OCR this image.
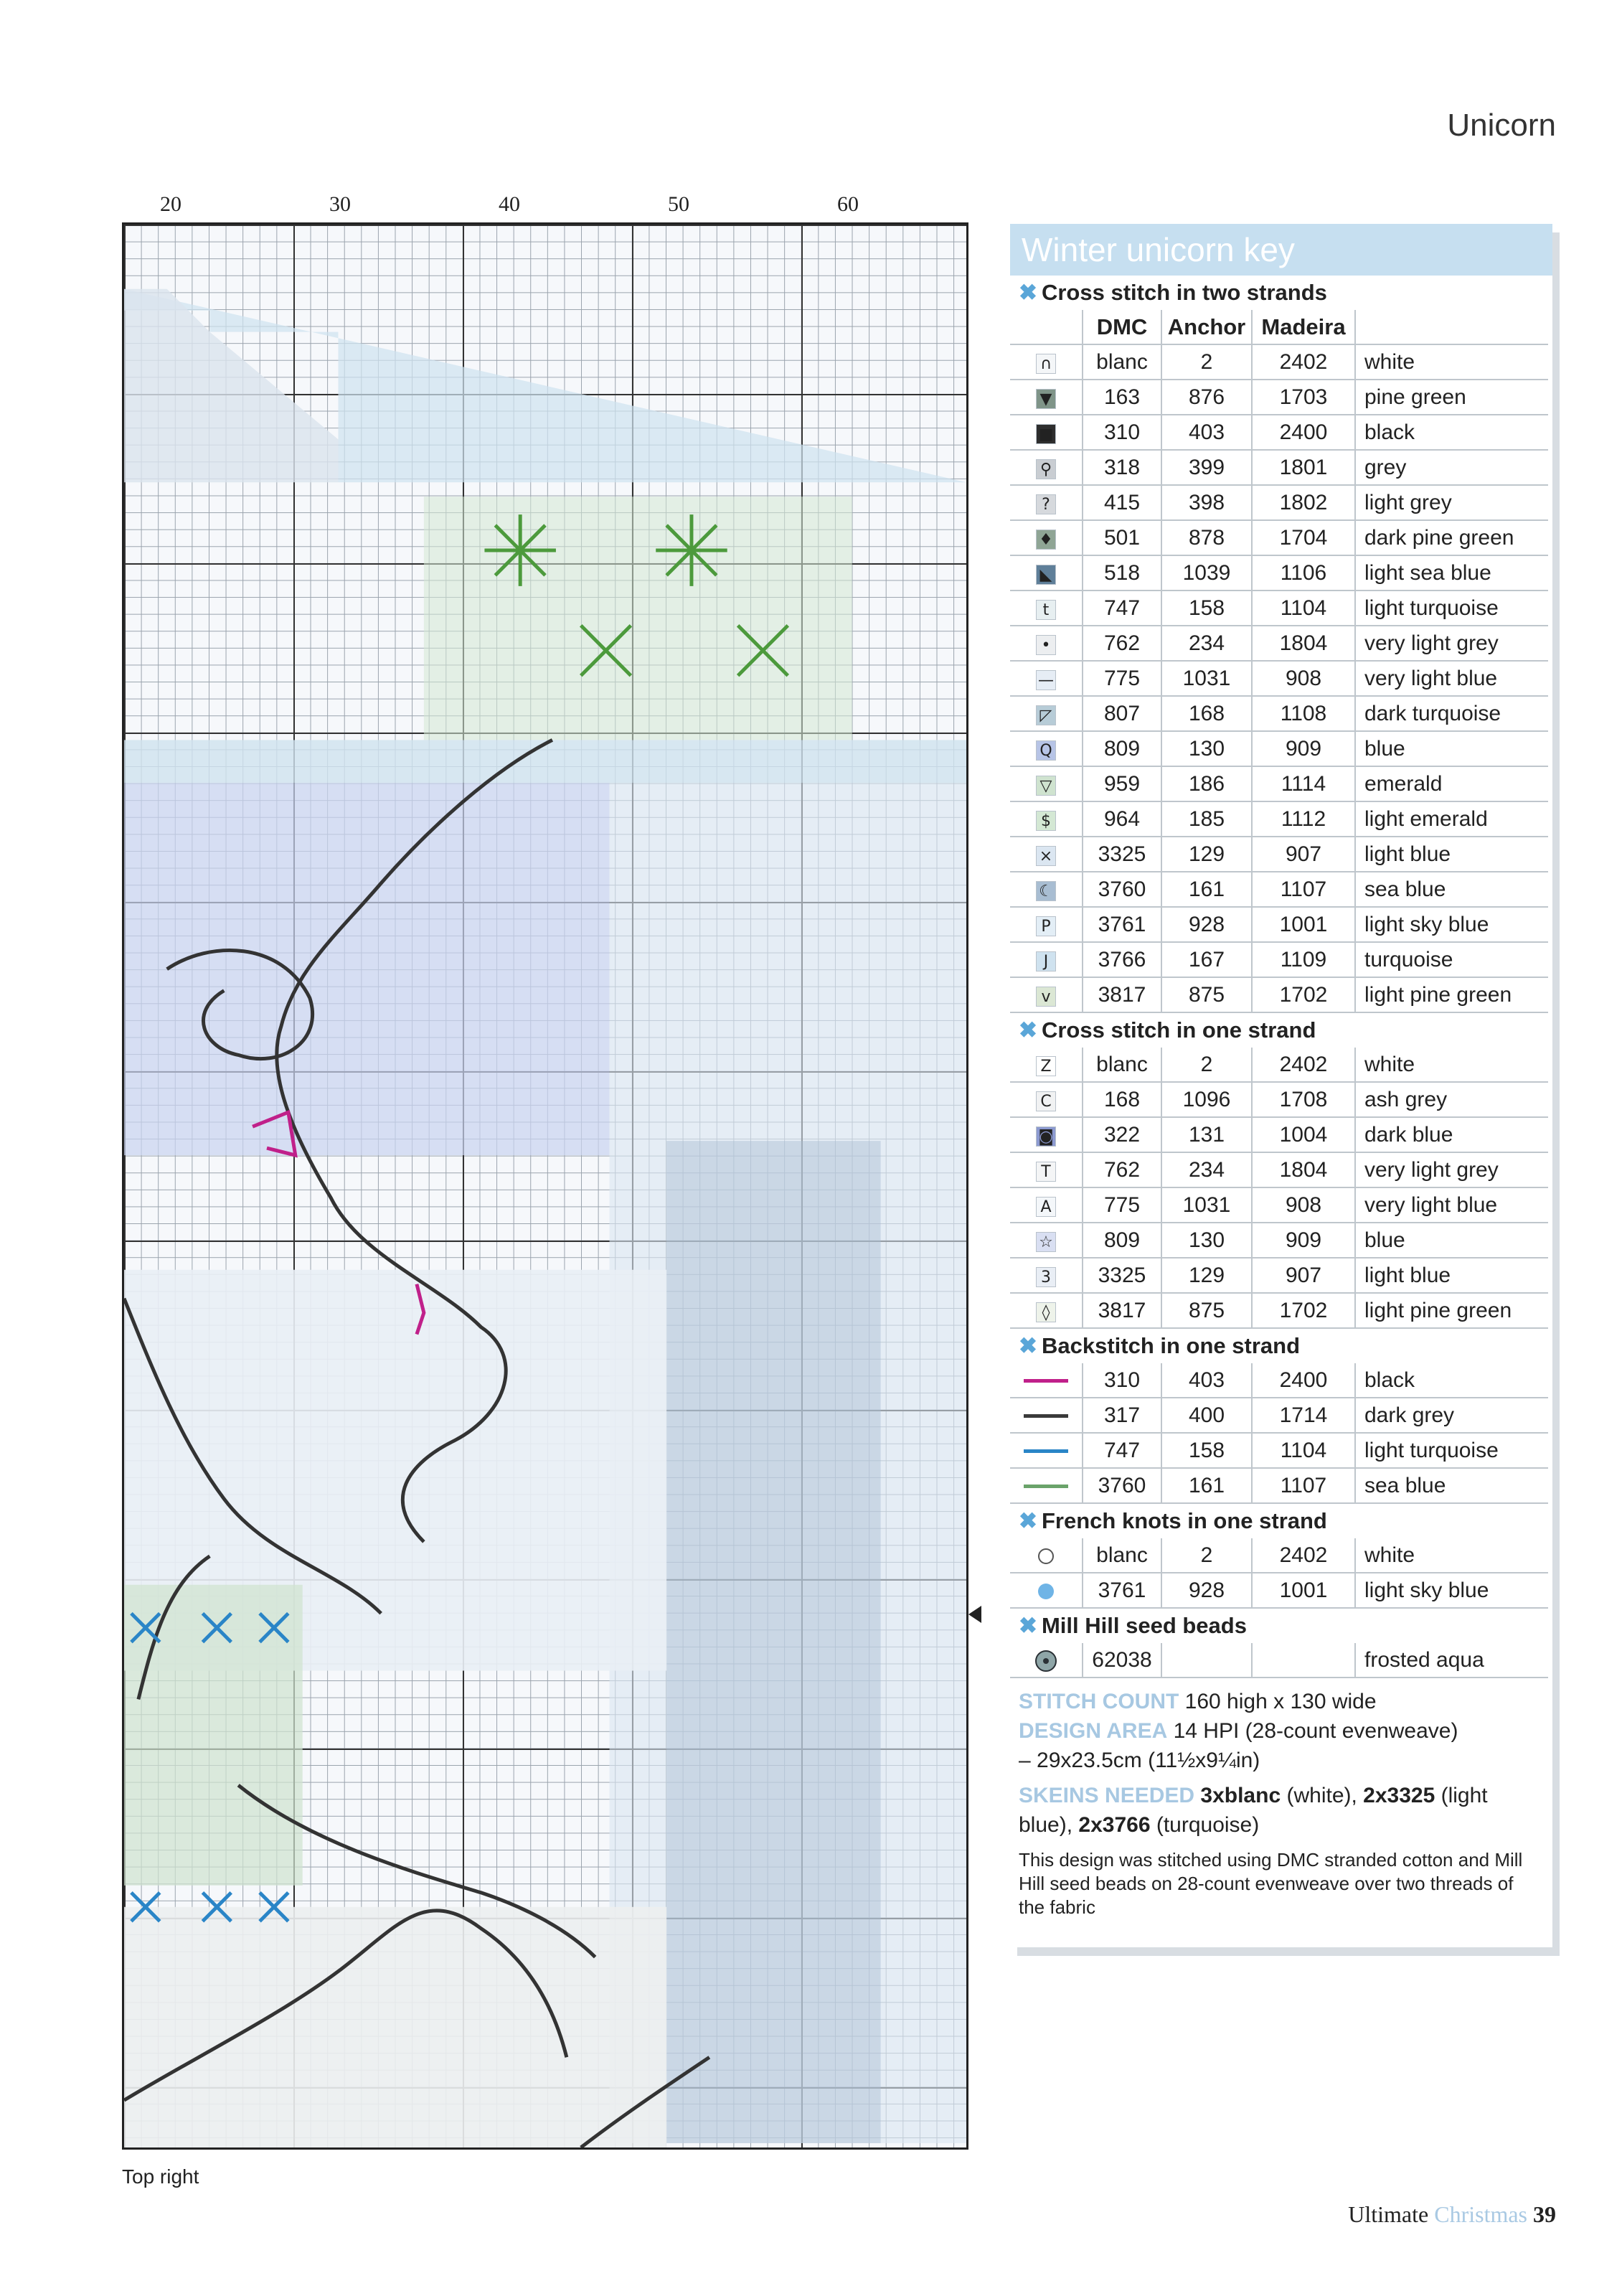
Unicorn
20	30	40	50	60
Top right
Winter unicorn key
✖ Cross stitch in two strands
	DMC	Anchor	Madeira	
∩	blanc	2	2402	white
▼	163	876	1703	pine green
■	310	403	2400	black
⚲	318	399	1801	grey
?	415	398	1802	light grey
♦	501	878	1704	dark pine green
◣	518	1039	1106	light sea blue
t	747	158	1104	light turquoise
•	762	234	1804	very light grey
—	775	1031	908	very light blue
◸	807	168	1108	dark turquoise
Q	809	130	909	blue
▽	959	186	1114	emerald
$	964	185	1112	light emerald
×	3325	129	907	light blue
☾	3760	161	1107	sea blue
P	3761	928	1001	light sky blue
J	3766	167	1109	turquoise
v	3817	875	1702	light pine green
✖ Cross stitch in one strand
Z	blanc	2	2402	white
C	168	1096	1708	ash grey
◙	322	131	1004	dark blue
T	762	234	1804	very light grey
A	775	1031	908	very light blue
☆	809	130	909	blue
3	3325	129	907	light blue
◊	3817	875	1702	light pine green
✖ Backstitch in one strand
	310	403	2400	black
	317	400	1714	dark grey
	747	158	1104	light turquoise
	3760	161	1107	sea blue
✖ French knots in one strand
	blanc	2	2402	white
	3761	928	1001	light sky blue
✖ Mill Hill seed beads
	62038			frosted aqua
STITCH COUNT 160 high x 130 wide
DESIGN AREA 14 HPI (28-count evenweave)
– 29x23.5cm (11½x9¼in)
SKEINS NEEDED 3xblanc (white), 2x3325 (light blue), 2x3766 (turquoise)
This design was stitched using DMC stranded cotton and Mill Hill seed beads on 28-count evenweave over two threads of the fabric
Ultimate Christmas 39
